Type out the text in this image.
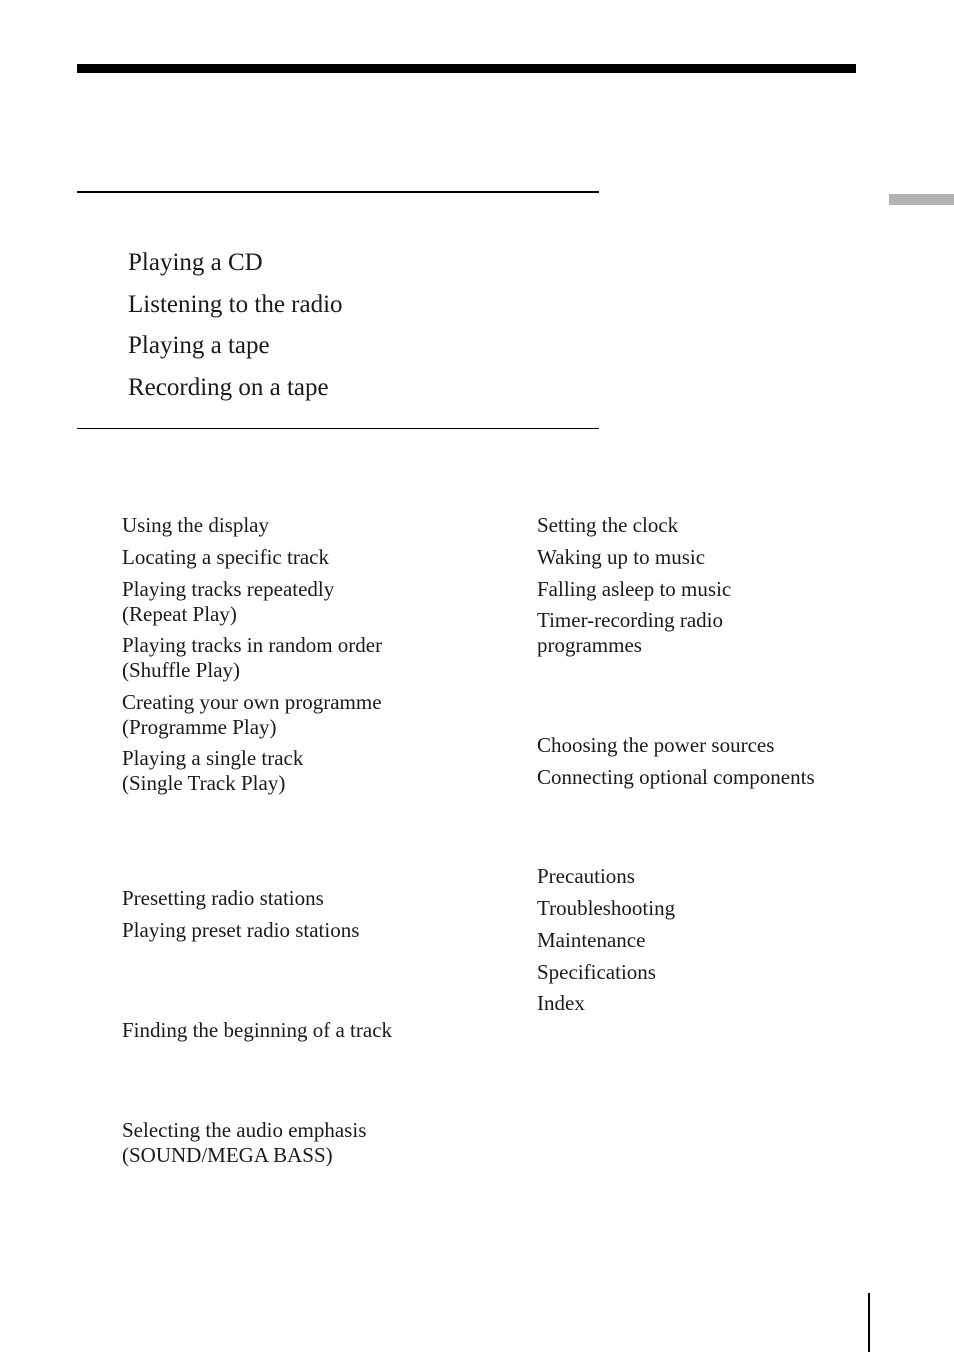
Playing a CD
Listening to the radio
Playing a tape
Recording on a tape
Using the display
Locating a specific track
Playing tracks repeatedly
(Repeat Play)
Playing tracks in random order
(Shuffle Play)
Creating your own programme
(Programme Play)
Playing a single track
(Single Track Play)
Presetting radio stations
Playing preset radio stations
Finding the beginning of a track
Selecting the audio emphasis
(SOUND/MEGA BASS)
Setting the clock
Waking up to music
Falling asleep to music
Timer-recording radio
programmes
Choosing the power sources
Connecting optional components
Precautions
Troubleshooting
Maintenance
Specifications
Index
